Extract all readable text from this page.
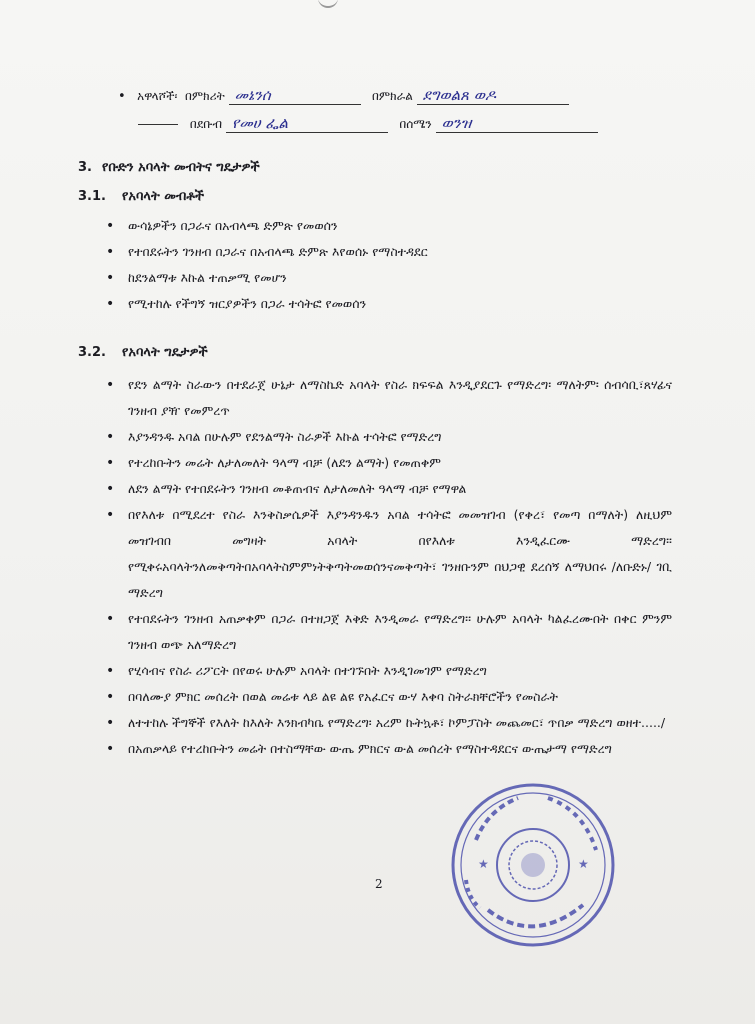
• አዋላሾች፡ በምክሪት መኔንሰ	በምክራል ደግወልጸ ወዶ
በደቡብ የመሀ ፌል	በሰሜን ወንዝ
3. የቡድን አባላት መብትና ግዴታዎች
3.1. የአባላት መብቶች
• ውሳኔዎችን በጋራና በአብላጫ ድምጽ የመወሰን
• የተበደሩትን ገንዘብ በጋራና በአብላጫ ድምጽ እየወሰኑ የማስተዳደር
• ከደንልማቱ እኩል ተጠቃሚ የመሆን
• የሚተከሉ የችግኝ ዝርያዎችን በጋራ ተሳትፎ የመወሰን
3.2. የአባላት ግዴታዎች
• የደን ልማት ስራውን በተደራጀ ሁኔታ ለማስኬድ አባላት የስራ ክፍፍል እንዲያደርጉ የማድረግ፡ ማለትም፡ ሰብሳቢ፣ጸሃፊና ገንዘብ ያዥ የመምረጥ
• እያንዳንዱ አባል በሁሉም የደንልማት ስራዎች እኩል ተሳትፎ የማድረግ
• የተረከቡትን መሬት ለታለመለት ዓላማ ብቻ (ለደን ልማት) የመጠቀም
• ለደን ልማት የተበደሩትን ገንዘብ መቆጠብና ለታለመለት ዓላማ ብቻ የማዋል
• በየእለቱ በሚደረተ የስራ እንቅስቃሴዎች እያንዳንዱን አባል ተሳትፎ መመዝገብ (የቀረ፣ የመጣ በማለት) ለዚህም መዝገብበ መግዛት አባላት በየእለቱ እንዲፈርሙ ማድረግ፡፡ የሚቀሩአባላትንለመቅጣትበአባላትስምምነትቅጣትመወሰንናመቅጣት፣ ገንዘቡንም በህጋዊ ደረሰኝ ለማህበሩ /ለቡድኑ/ ገቢ ማድረግ
• የተበደሩትን ገንዘብ አጠቃቀም በጋራ በተዘጋጀ እቅድ እንዲመራ የማድረግ፡፡ ሁሉም አባላት ካልፈረሙበት በቀር ምንም ገንዘብ ወጭ አለማድረግ
• የሂሳብና የስራ ሪፖርት በየወሩ ሁሉም አባላት በተገኙበት እንዲገመገም የማድረግ
• በባለሙያ ምክር መሰረት በወል መሬቱ ላይ ልዩ ልዩ የአፈርና ውሃ እቀባ ስትራክቸሮችን የመስራት
• ለተተከሉ ችግኞች የእለት ከእለት እንክብካቤ የማድረግ፡ አረም ኩትኳቶ፣ ኮምፓስት መጨመር፣ ጥበቃ ማድረግ ወዘተ...../
• በአጠቃላይ የተረከቡትን መሬት በተስማቸው ውጤ ምክርና ውል መሰረት የማስተዳደርና ውጤታማ የማድረግ
2
★	★
